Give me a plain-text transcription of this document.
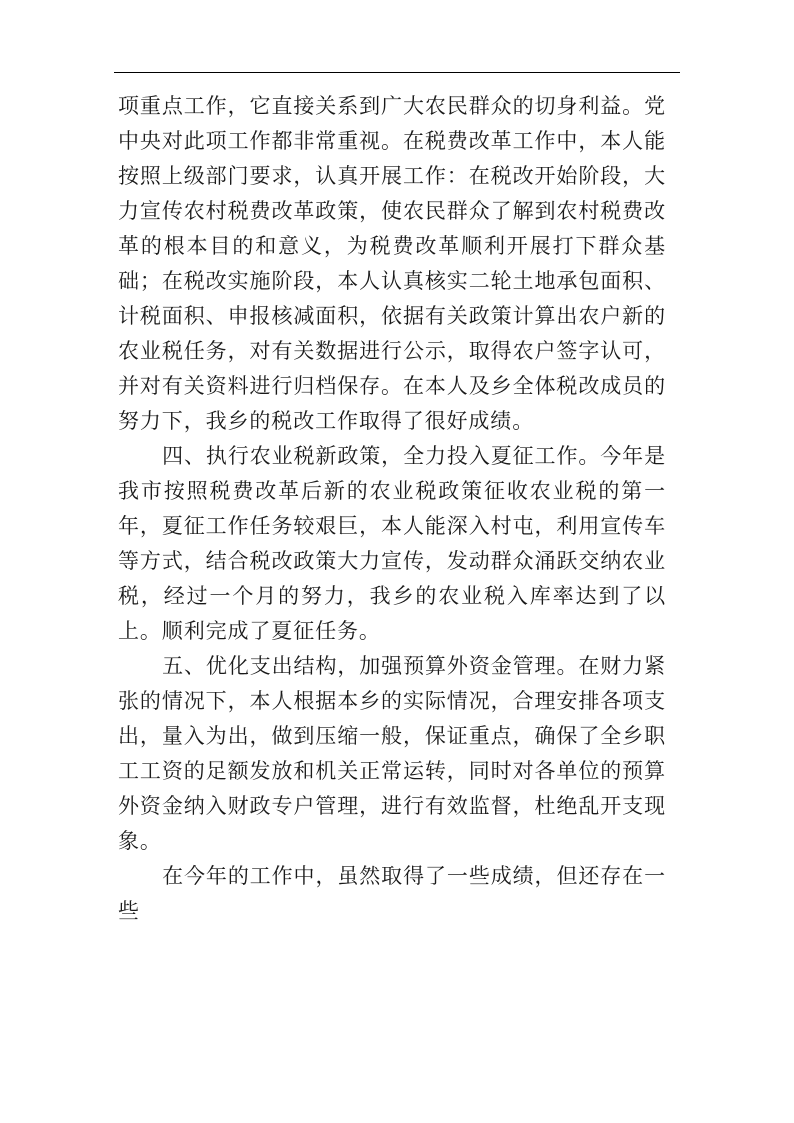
项重点工作，它直接关系到广大农民群众的切身利益。党中央对此项工作都非常重视。在税费改革工作中，本人能按照上级部门要求，认真开展工作：在税改开始阶段，大力宣传农村税费改革政策，使农民群众了解到农村税费改革的根本目的和意义，为税费改革顺利开展打下群众基础；在税改实施阶段，本人认真核实二轮土地承包面积、计税面积、申报核减面积，依据有关政策计算出农户新的农业税任务，对有关数据进行公示，取得农户签字认可，并对有关资料进行归档保存。在本人及乡全体税改成员的努力下，我乡的税改工作取得了很好成绩。

四、执行农业税新政策，全力投入夏征工作。今年是我市按照税费改革后新的农业税政策征收农业税的第一年，夏征工作任务较艰巨，本人能深入村屯，利用宣传车等方式，结合税改政策大力宣传，发动群众涌跃交纳农业税，经过一个月的努力，我乡的农业税入库率达到了以上。顺利完成了夏征任务。

五、优化支出结构，加强预算外资金管理。在财力紧张的情况下，本人根据本乡的实际情况，合理安排各项支出，量入为出，做到压缩一般，保证重点，确保了全乡职工工资的足额发放和机关正常运转，同时对各单位的预算外资金纳入财政专户管理，进行有效监督，杜绝乱开支现象。

在今年的工作中，虽然取得了一些成绩，但还存在一些
